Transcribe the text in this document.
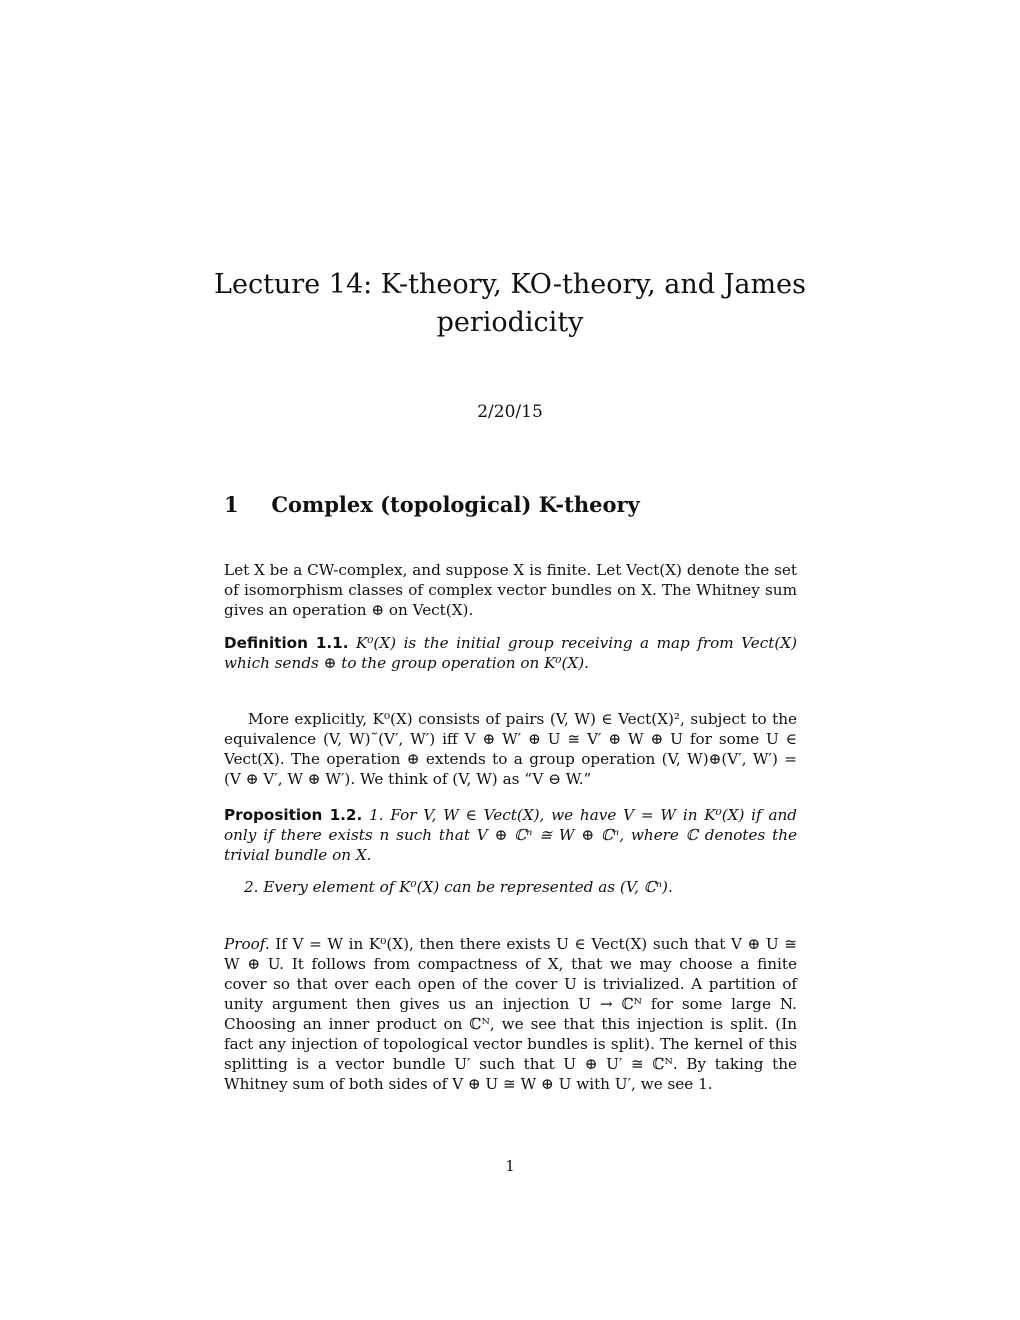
Lecture 14: K-theory, KO-theory, and James
periodicity
2/20/15
1 Complex (topological) K-theory
Let X be a CW-complex, and suppose X is finite. Let Vect(X) denote the set of isomorphism classes of complex vector bundles on X. The Whitney sum gives an operation ⊕ on Vect(X).
Definition 1.1. K⁰(X) is the initial group receiving a map from Vect(X) which sends ⊕ to the group operation on K⁰(X).
More explicitly, K⁰(X) consists of pairs (V, W) ∈ Vect(X)², subject to the equivalence (V, W)˜(V′, W′) iff V ⊕ W′ ⊕ U ≅ V′ ⊕ W ⊕ U for some U ∈ Vect(X). The operation ⊕ extends to a group operation (V, W)⊕(V′, W′) = (V ⊕ V′, W ⊕ W′). We think of (V, W) as “V ⊖ W.”
Proposition 1.2. 1. For V, W ∈ Vect(X), we have V = W in K⁰(X) if and only if there exists n such that V ⊕ ℂⁿ ≅ W ⊕ ℂⁿ, where ℂ denotes the trivial bundle on X.
2. Every element of K⁰(X) can be represented as (V, ℂⁿ).
Proof. If V = W in K⁰(X), then there exists U ∈ Vect(X) such that V ⊕ U ≅ W ⊕ U. It follows from compactness of X, that we may choose a finite cover so that over each open of the cover U is trivialized. A partition of unity argument then gives us an injection U → ℂᴺ for some large N. Choosing an inner product on ℂᴺ, we see that this injection is split. (In fact any injection of topological vector bundles is split). The kernel of this splitting is a vector bundle U′ such that U ⊕ U′ ≅ ℂᴺ. By taking the Whitney sum of both sides of V ⊕ U ≅ W ⊕ U with U′, we see 1.
1
